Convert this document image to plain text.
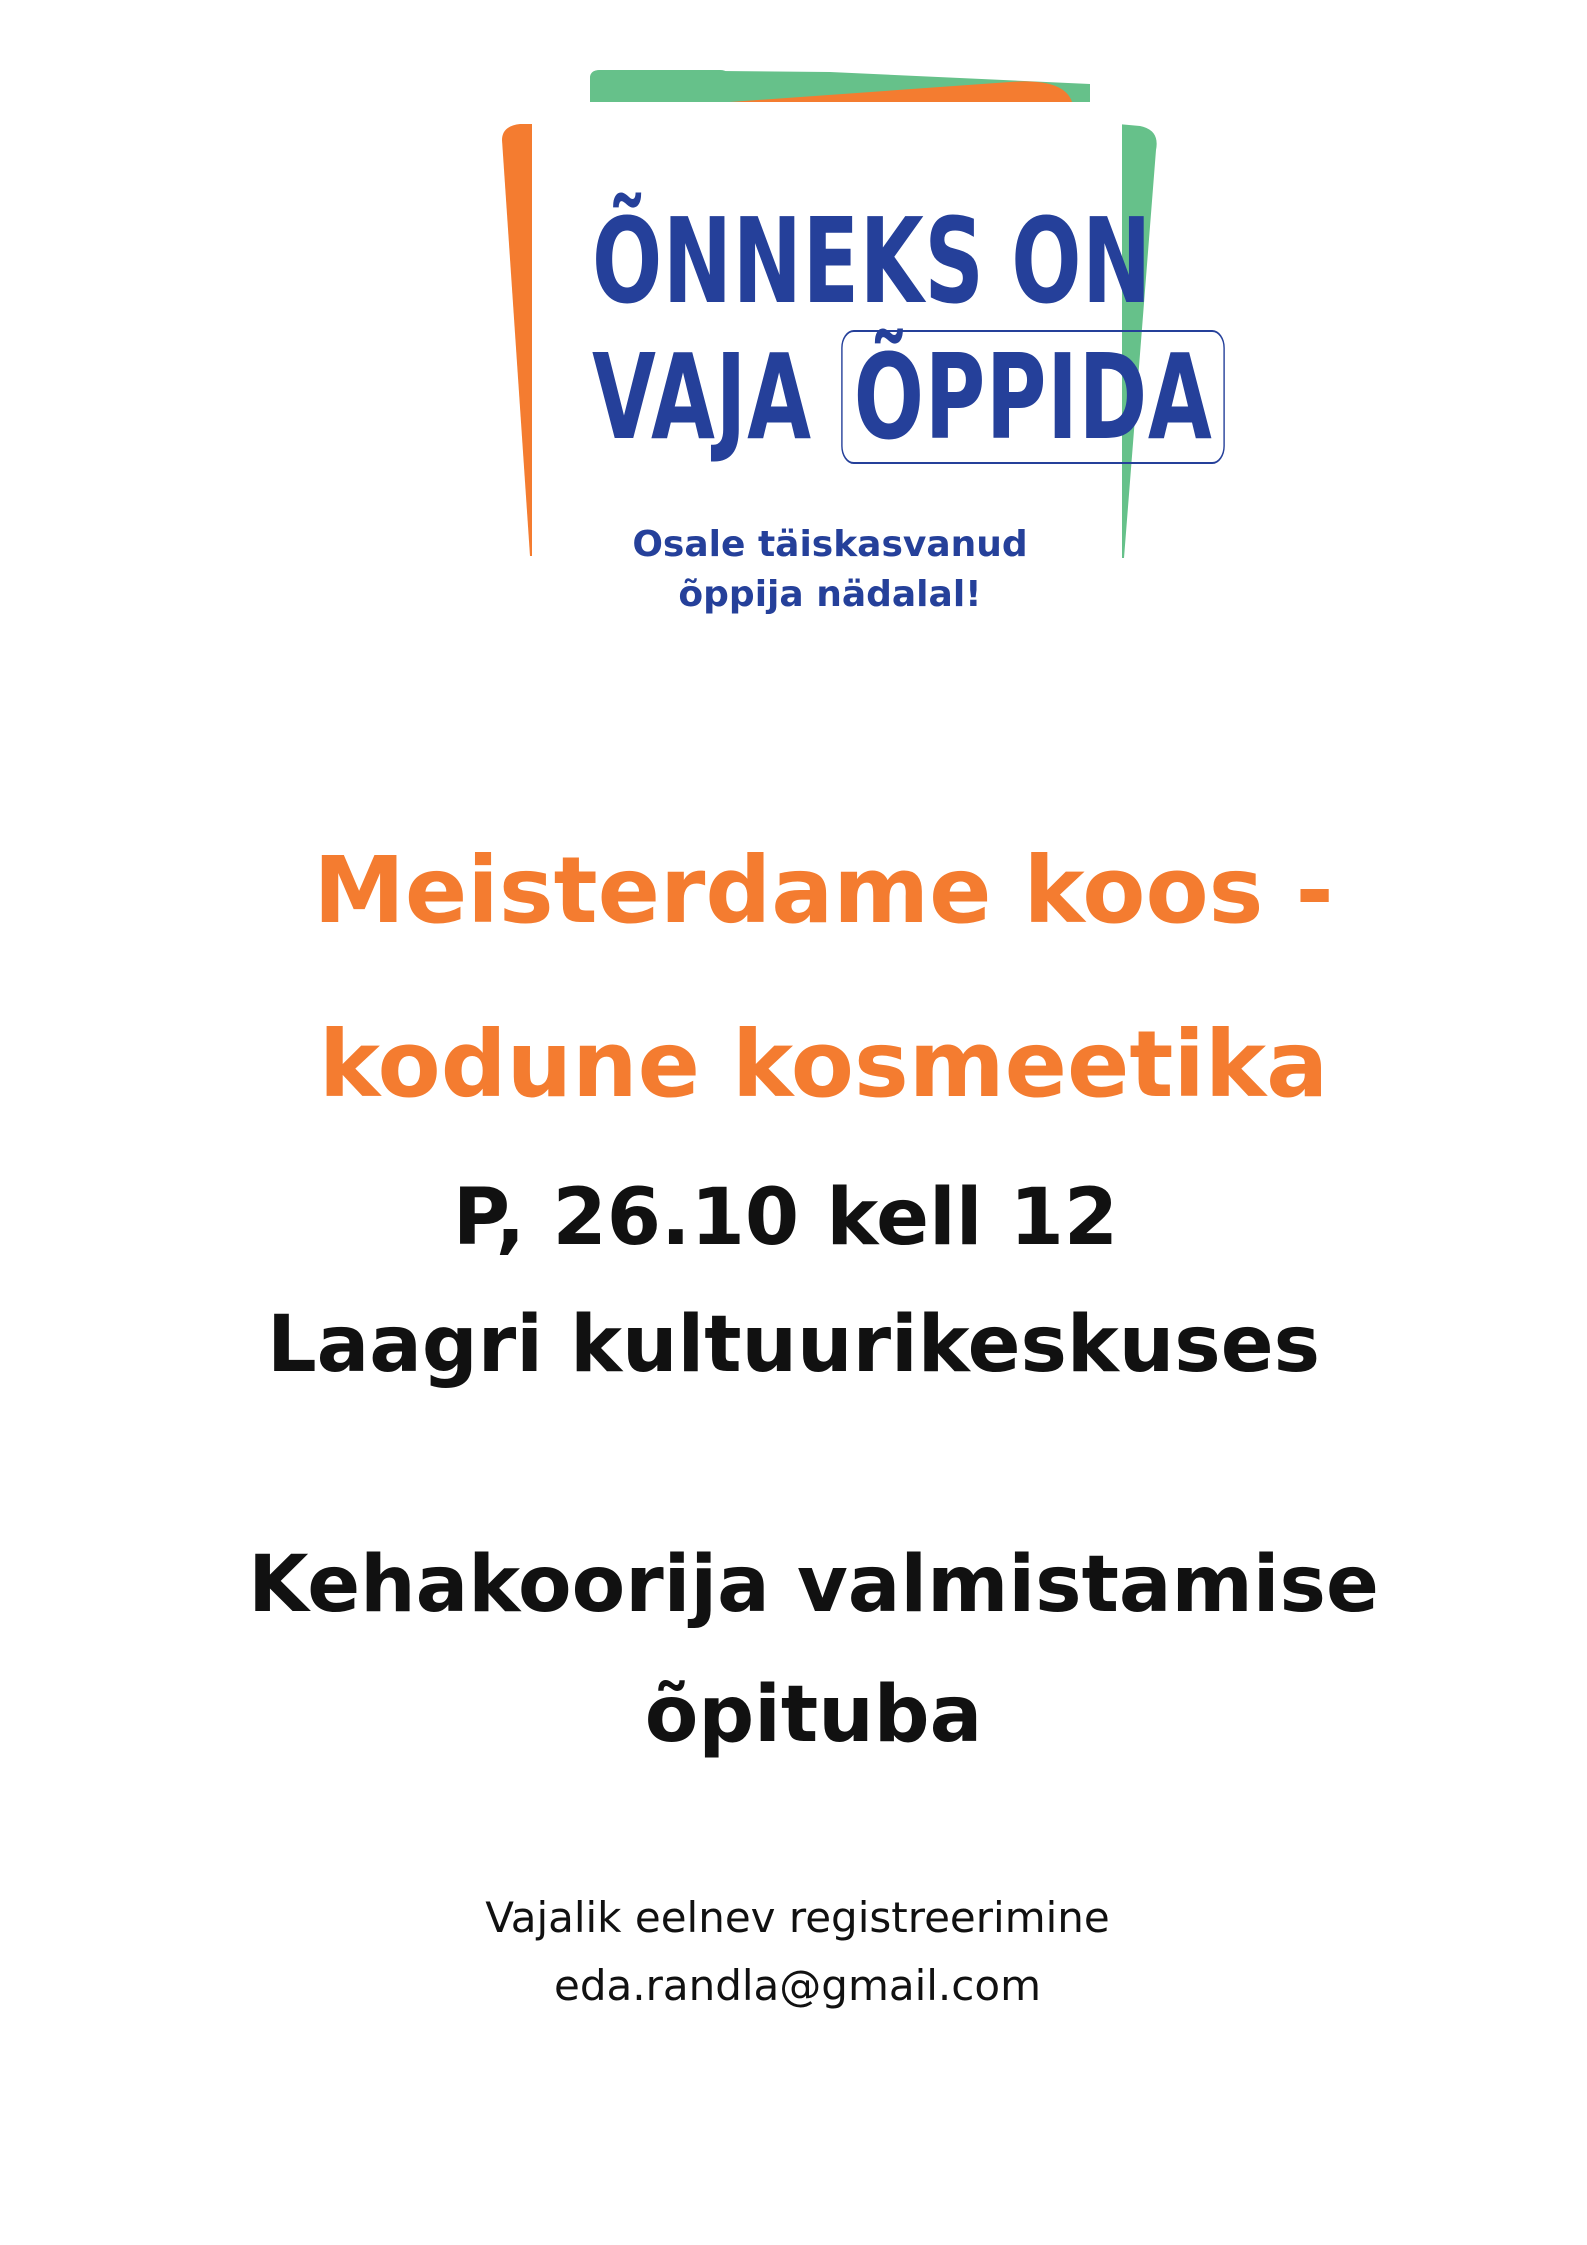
ÕNNEKS ON
VAJA ÕPPIDA
Osale täiskasvanud
õppija nädalal!
Meisterdame koos -
kodune kosmeetika
P, 26.10 kell 12
Laagri kultuurikeskuses
Kehakoorija valmistamise
õpituba
Vajalik eelnev registreerimine
eda.randla@gmail.com
